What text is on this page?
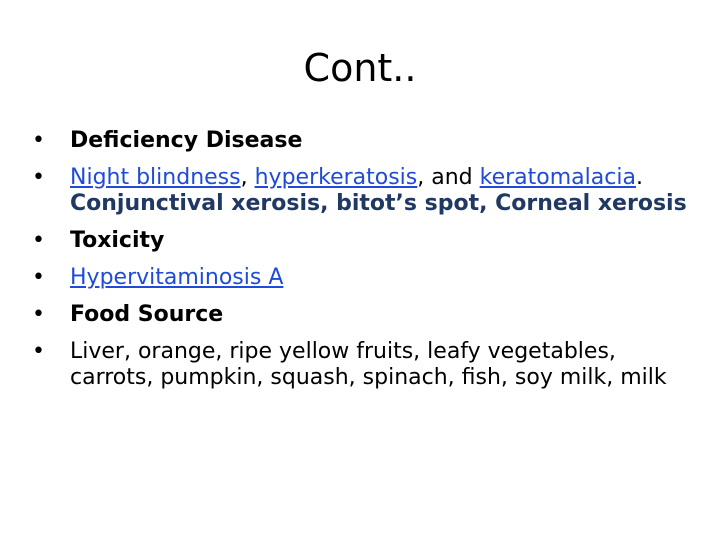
Cont..
•	Deficiency Disease
•	Night blindness, hyperkeratosis, and keratomalacia. Conjunctival xerosis, bitot’s spot, Corneal xerosis
•	Toxicity
•	Hypervitaminosis A
•	Food Source
•	Liver, orange, ripe yellow fruits, leafy vegetables, carrots, pumpkin, squash, spinach, fish, soy milk, milk
